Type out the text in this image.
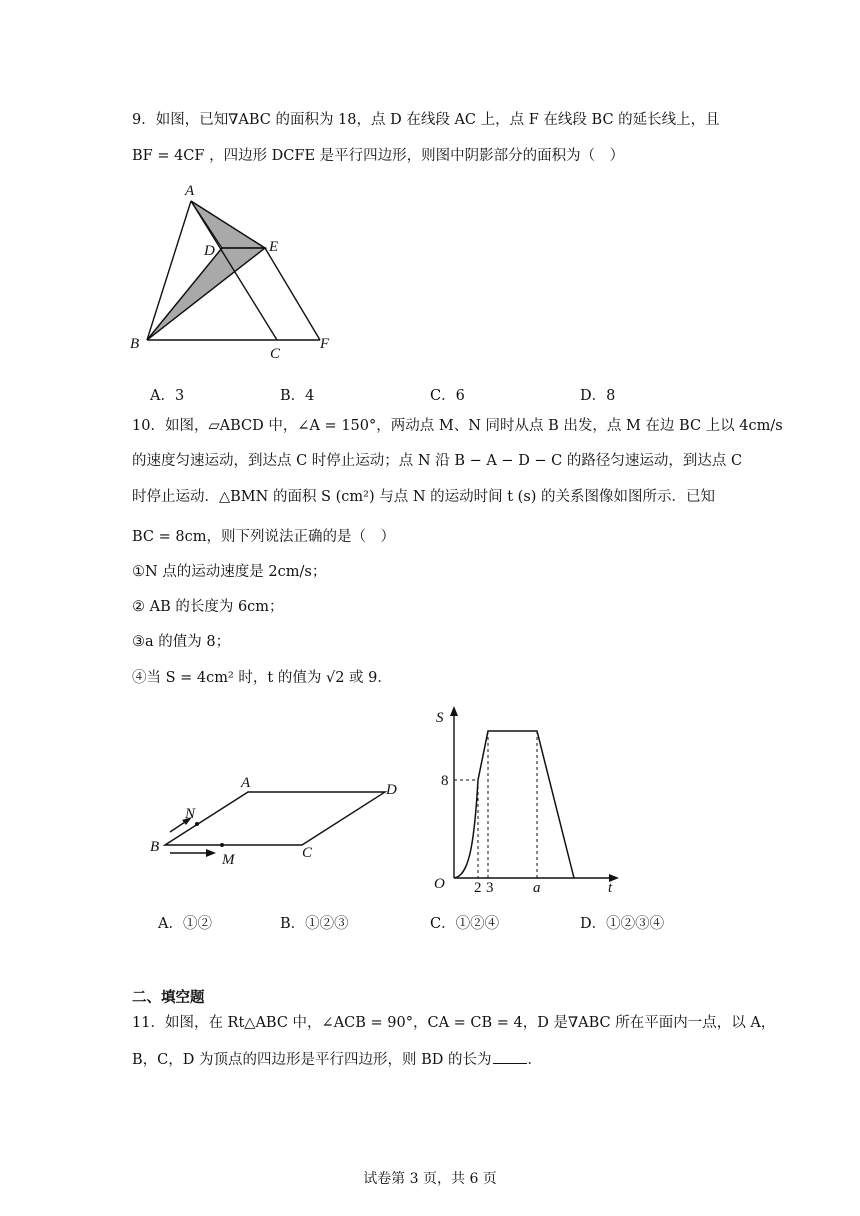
9．如图，已知∇ABC 的面积为 18，点 D 在线段 AC 上，点 F 在线段 BC 的延长线上，且
BF = 4CF ，四边形 DCFE 是平行四边形，则图中阴影部分的面积为（　）
A
D	E
B
C
F
A．3	B．4	C．6	D．8
10．如图，▱ABCD 中，∠A = 150°，两动点 M、N 同时从点 B 出发，点 M 在边 BC 上以 4cm/s
的速度匀速运动，到达点 C 时停止运动；点 N 沿 B − A − D − C 的路径匀速运动，到达点 C
时停止运动．△BMN 的面积 S (cm²) 与点 N 的运动时间 t (s) 的关系图像如图所示．已知
BC = 8cm，则下列说法正确的是（　）
①N 点的运动速度是 2cm/s；
② AB 的长度为 6cm；
③a 的值为 8；
④当 S = 4cm² 时，t 的值为 √2 或 9．
A	D
B	C
N
M
S
t
O
8
2 3	a
A．①②	B．①②③	C．①②④	D．①②③④
二、填空题
11．如图，在 Rt△ABC 中，∠ACB = 90°，CA = CB = 4，D 是∇ABC 所在平面内一点，以 A，
B，C，D 为顶点的四边形是平行四边形，则 BD 的长为 ．
试卷第 3 页，共 6 页
